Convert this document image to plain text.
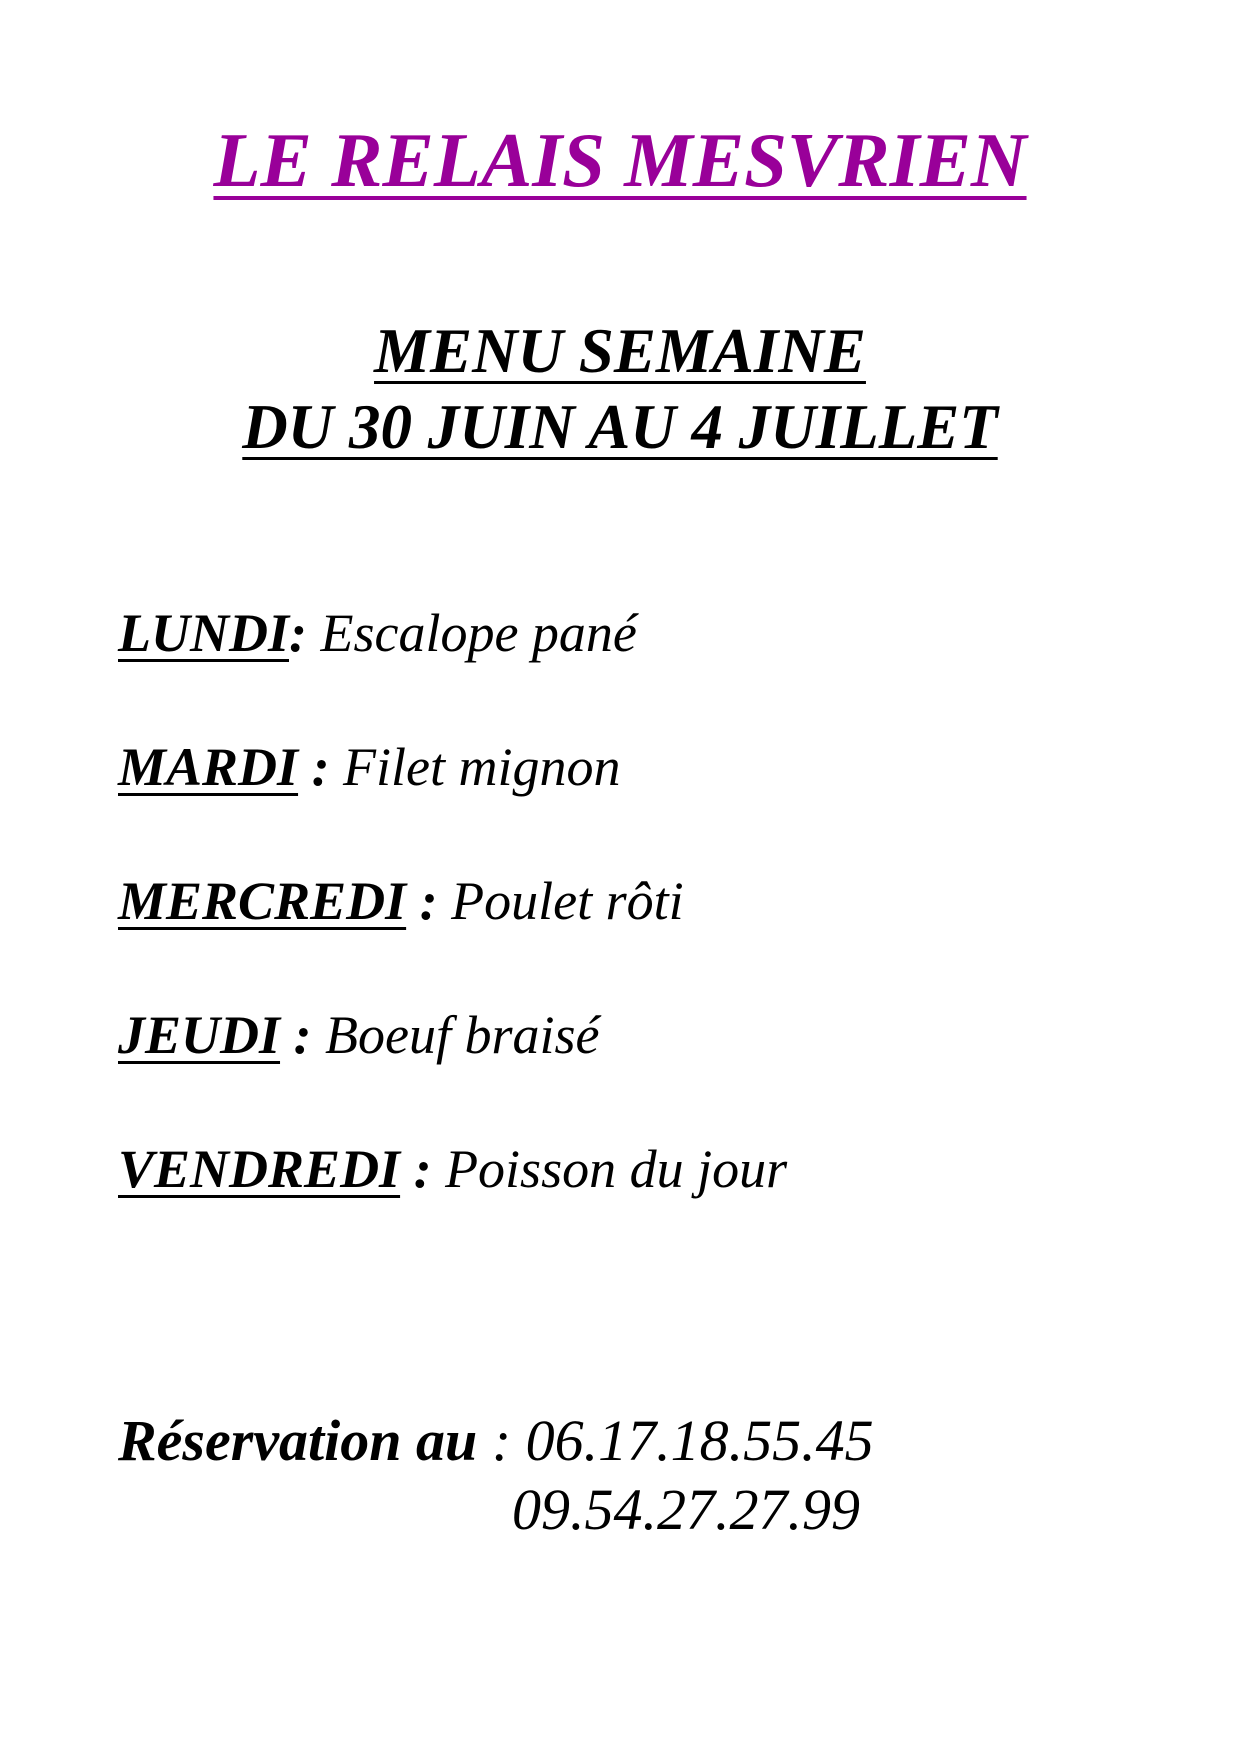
LE RELAIS MESVRIEN
MENU SEMAINE
DU 30 JUIN AU 4 JUILLET
LUNDI: Escalope pané
MARDI : Filet mignon
MERCREDI : Poulet rôti
JEUDI : Boeuf braisé
VENDREDI : Poisson du jour
Réservation au : 06.17.18.55.45
09.54.27.27.99
